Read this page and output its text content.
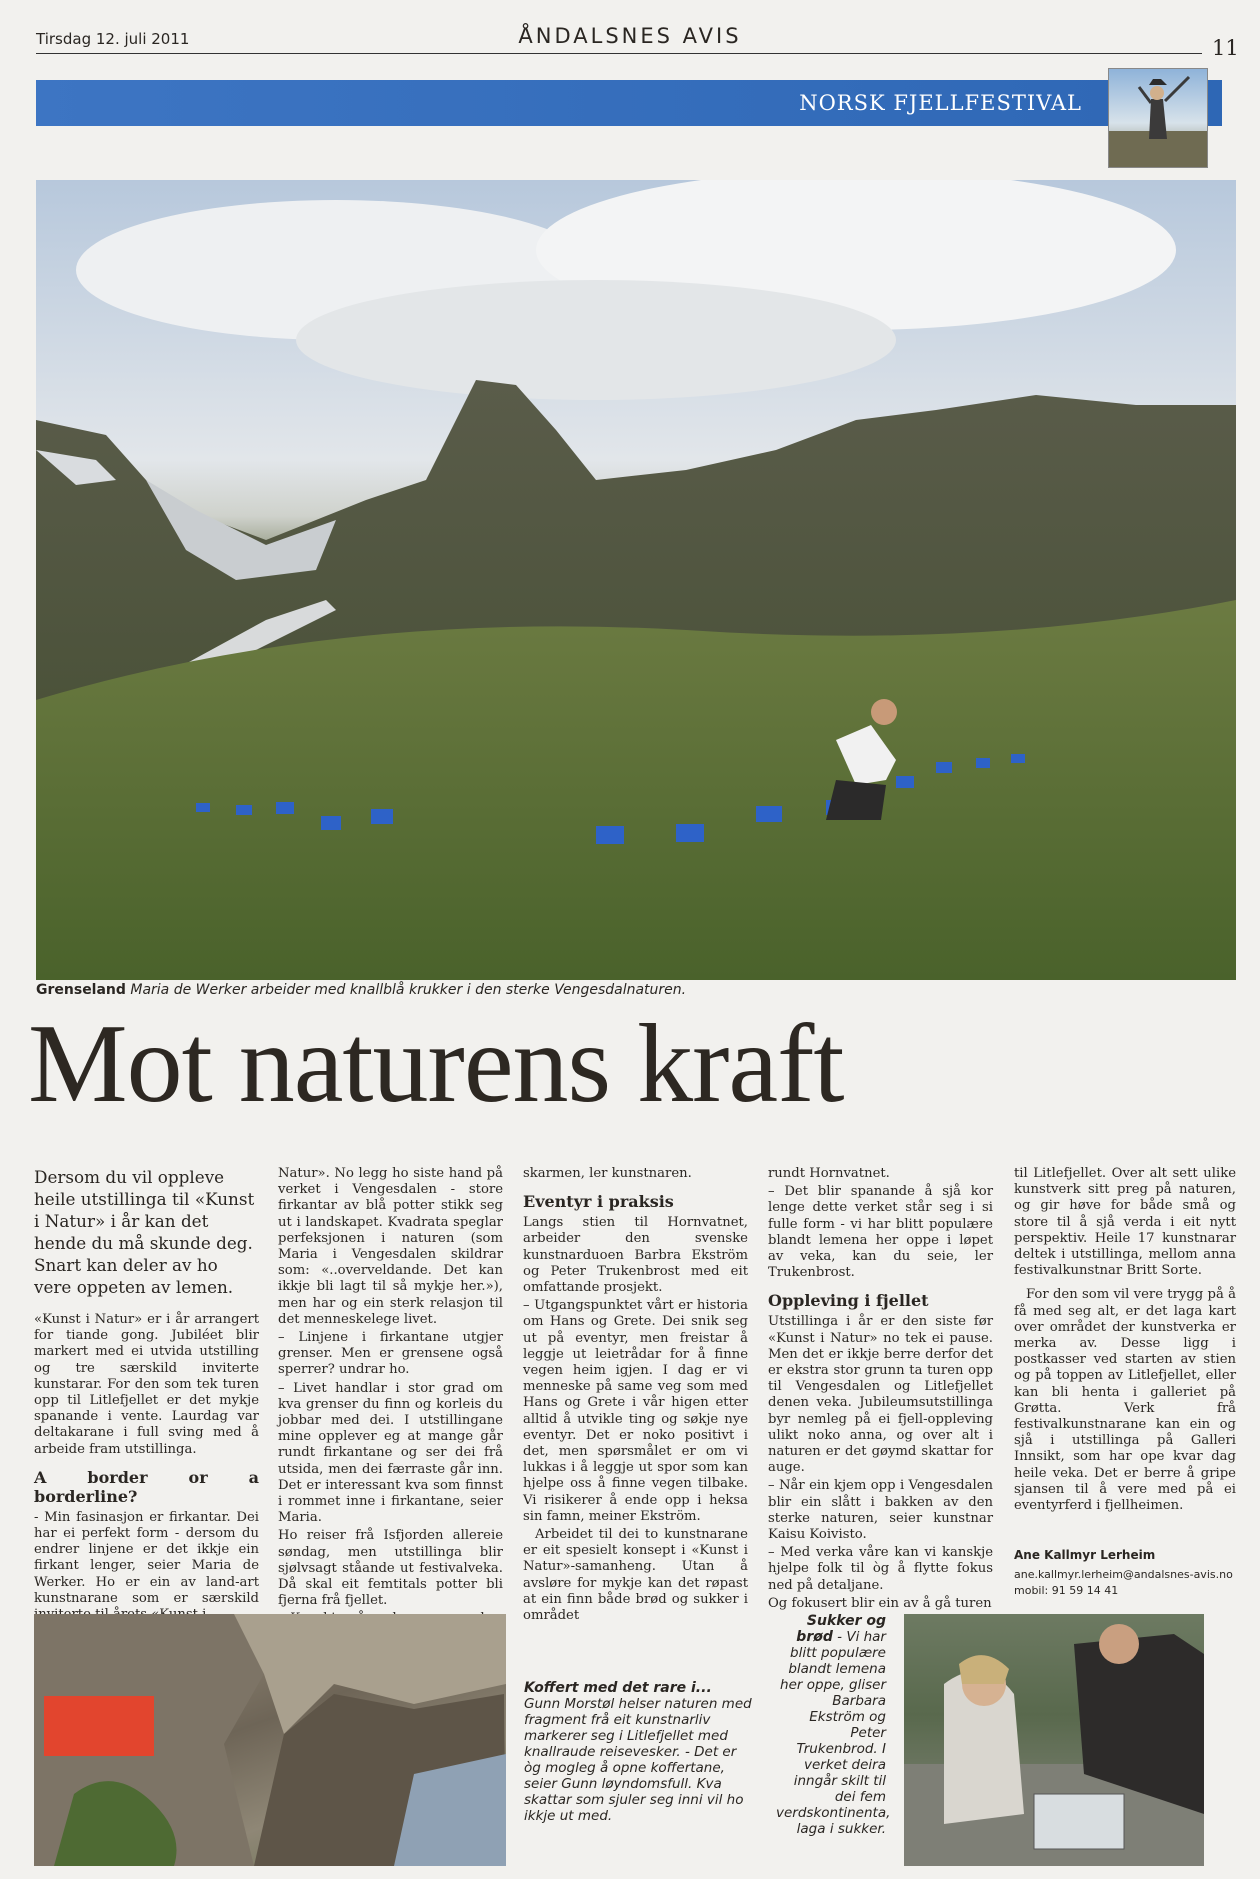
Tirsdag 12. juli 2011	ÅNDALSNES AVIS	11
NORSK FJELLFESTIVAL
Grenseland Maria de Werker arbeider med knallblå krukker i den sterke Vengesdalnaturen.
Mot naturens kraft

Dersom du vil oppleve heile utstillinga til «Kunst i Natur» i år kan det hende du må skunde deg. Snart kan deler av ho vere oppeten av lemen.

«Kunst i Natur» er i år arrangert for tiande gong. Jubiléet blir markert med ei utvida utstilling og tre særskild inviterte kunstarar. For den som tek turen opp til Litlefjellet er det mykje spanande i vente. Laurdag var deltakarane i full sving med å arbeide fram utstillinga.

A border or a borderline?

- Min fasinasjon er firkantar. Dei har ei perfekt form - dersom du endrer linjene er det ikkje ein firkant lenger, seier Maria de Werker. Ho er ein av land-art kunstnarane som er særskild

Natur». No legg ho siste hand på verket i Vengesdalen - store firkantar av blå potter stikk seg ut i landskapet. Kvadrata speglar perfeksjonen i naturen (som Maria i Vengesdalen skildrar som: «..overveldande. Det kan ikkje bli lagt til så mykje her.»), men har og ein sterk relasjon til det menneskelege livet.

– Linjene i firkantane utgjer grenser. Men er grensene også sperrer? undrar ho.

– Livet handlar i stor grad om kva grenser du finn og korleis du jobbar med dei. I utstillingane mine opplever eg at mange går rundt firkantane og ser dei frå utsida, men dei færraste går inn. Det er interessant kva som finnst i rommet inne i firkantane, seier Maria.

Ho reiser frå Isfjorden allereie søndag, men utstillinga blir sjølvsagt ståande ut festivalveka. Då skal eit femtitals potter bli fjerna frå fjellet.

skarmen, ler kunstnaren.

Eventyr i praksis

Langs stien til Hornvatnet, arbeider den svenske kunstnarduoen Barbra Ekström og Peter Trukenbrost med eit omfattande prosjekt.

– Utgangspunktet vårt er historia om Hans og Grete. Dei snik seg ut på eventyr, men freistar å leggje ut leietrådar for å finne vegen heim igjen. I dag er vi menneske på same veg som med Hans og Grete i vår higen etter alltid å utvikle ting og søkje nye eventyr. Det er noko positivt i det, men spørsmålet er om vi lukkas i å leggje ut spor som kan hjelpe oss å finne vegen tilbake. Vi risikerer å ende opp i heksa sin famn, meiner Ekström.

Arbeidet til dei to kunstnarane er eit spesielt konsept i «Kunst i Natur»-samanheng. Utan å avsløre for mykje kan det røpast at ein finn både brød og sukker i området

rundt Hornvatnet.

– Det blir spanande å sjå kor lenge dette verket står seg i si fulle form - vi har blitt populære blandt lemena her oppe i løpet av veka, kan du seie, ler Trukenbrost.

Oppleving i fjellet

Utstillinga i år er den siste før «Kunst i Natur» no tek ei pause. Men det er ikkje berre derfor det er ekstra stor grunn ta turen opp til Vengesdalen og Litlefjellet denen veka. Jubileumsutstillinga byr nemleg på ei fjell-oppleving ulikt noko anna, og over alt i naturen er det gøymd skattar for auge.

– Når ein kjem opp i Vengesdalen blir ein slått i bakken av den sterke naturen, seier kunstnar Kaisu Koivisto.

– Med verka våre kan vi kanskje hjelpe folk til òg å flytte fokus ned på detaljane.

Og fokusert blir ein av å gå turen

til Litlefjellet. Over alt sett ulike kunstverk sitt preg på naturen, og gir høve for både små og store til å sjå verda i eit nytt perspektiv. Heile 17 kunstnarar deltek i utstillinga, mellom anna festivalkunstnar Britt Sorte.

For den som vil vere trygg på å få med seg alt, er det laga kart over området der kunstverka er merka av. Desse ligg i postkasser ved starten av stien og på toppen av Litlefjellet, eller kan bli henta i galleriet på Grøtta. Verk frå festivalkunstnarane kan ein og sjå i utstillinga på Galleri Innsikt, som har ope kvar dag heile veka. Det er berre å gripe sjansen til å vere med på ei eventyrferd i fjellheimen.

Ane Kallmyr Lerheim
ane.kallmyr.lerheim@andalsnes-avis.no
mobil: 91 59 14 41
Koffert med det rare i...
Gunn Morstøl helser naturen med fragment frå eit kunstnarliv markerer seg i Litlefjellet med knallraude reisevesker. - Det er òg mogleg å opne koffertane, seier Gunn løyndomsfull. Kva skattar som sjuler seg inni vil ho ikkje ut med.
Sukker og brød - Vi har blitt populære blandt lemena her oppe, gliser Barbara Ekström og Peter Trukenbrod. I verket deira inngår skilt til dei fem verdskontinenta, laga i sukker.
